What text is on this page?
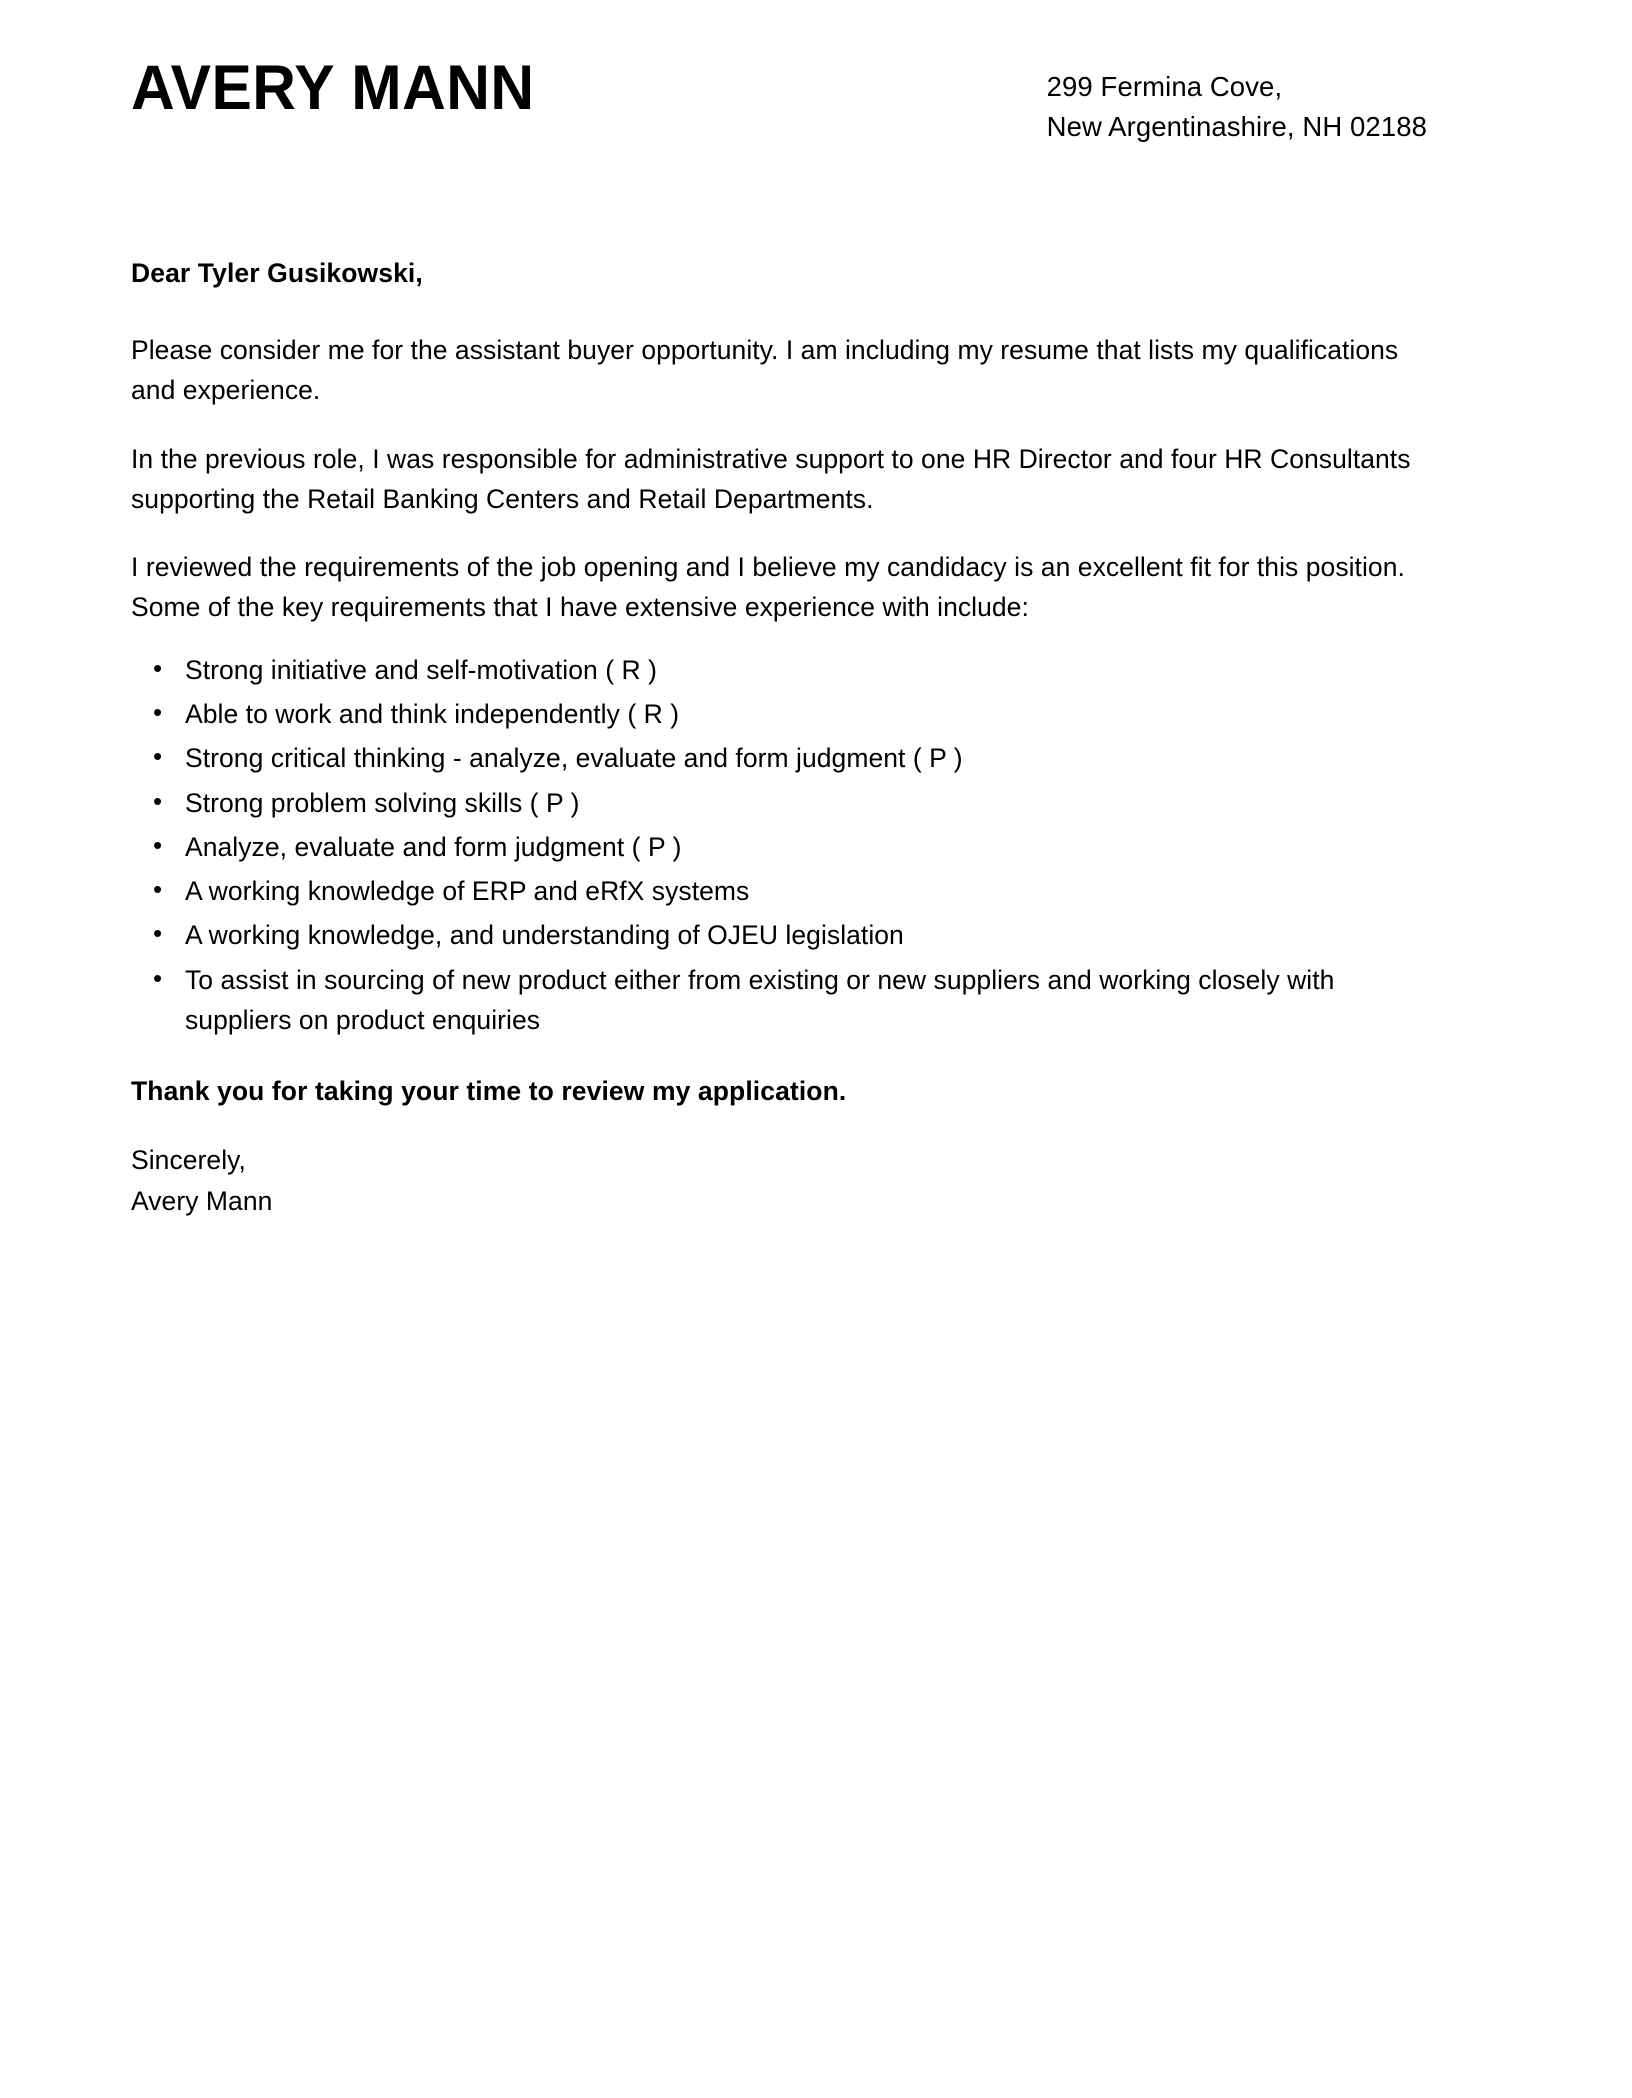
AVERY MANN	299 Fermina Cove,
New Argentinashire, NH 02188

Dear Tyler Gusikowski,

Please consider me for the assistant buyer opportunity. I am including my resume that lists my qualifications and experience.

In the previous role, I was responsible for administrative support to one HR Director and four HR Consultants supporting the Retail Banking Centers and Retail Departments.

I reviewed the requirements of the job opening and I believe my candidacy is an excellent fit for this position. Some of the key requirements that I have extensive experience with include:

• Strong initiative and self-motivation ( R )
• Able to work and think independently ( R )
• Strong critical thinking - analyze, evaluate and form judgment ( P )
• Strong problem solving skills ( P )
• Analyze, evaluate and form judgment ( P )
• A working knowledge of ERP and eRfX systems
• A working knowledge, and understanding of OJEU legislation
• To assist in sourcing of new product either from existing or new suppliers and working closely with suppliers on product enquiries

Thank you for taking your time to review my application.

Sincerely,

Avery Mann
